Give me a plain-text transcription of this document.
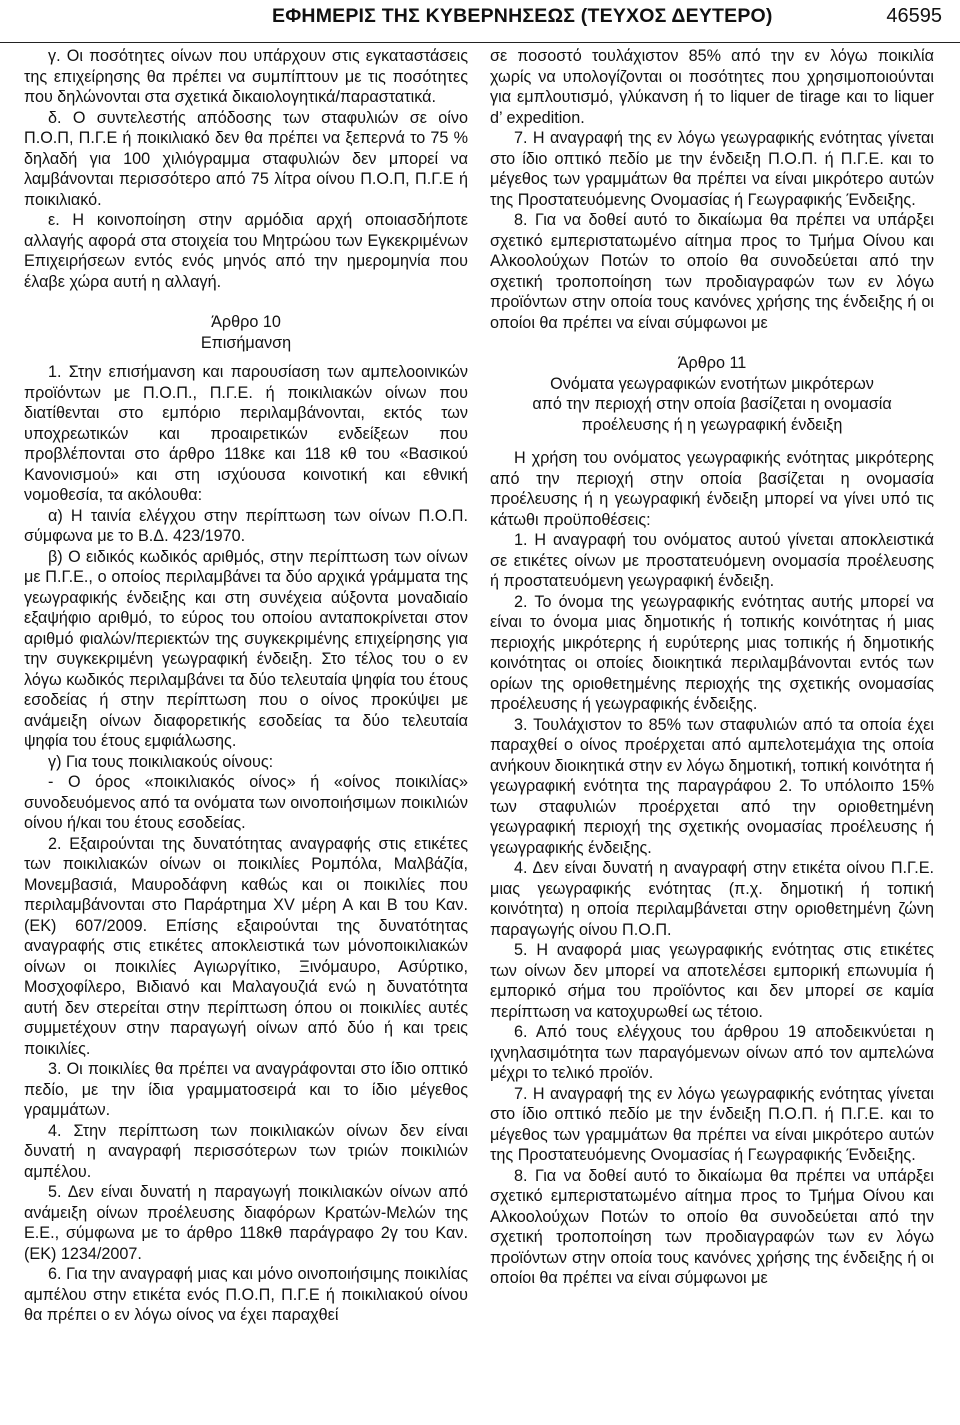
ΕΦΗΜΕΡΙΣ ΤΗΣ ΚΥΒΕΡΝΗΣΕΩΣ (ΤΕΥΧΟΣ ΔΕΥΤΕΡΟ)	46595

γ. Οι ποσότητες οίνων που υπάρχουν στις εγκαταστάσεις της επιχείρησης θα πρέπει να συμπίπτουν με τις ποσότητες που δηλώνονται στα σχετικά δικαιολογητικά/παραστατικά.

δ. Ο συντελεστής απόδοσης των σταφυλιών σε οίνο Π.Ο.Π, Π.Γ.Ε ή ποικιλιακό δεν θα πρέπει να ξεπερνά το 75 % δηλαδή για 100 χιλιόγραμμα σταφυλιών δεν μπορεί να λαμβάνονται περισσότερο από 75 λίτρα οίνου Π.Ο.Π, Π.Γ.Ε ή ποικιλιακό.

ε. Η κοινοποίηση στην αρμόδια αρχή οποιασδήποτε αλλαγής αφορά στα στοιχεία του Μητρώου των Εγκεκριμένων Επιχειρήσεων εντός ενός μηνός από την ημερομηνία που έλαβε χώρα αυτή η αλλαγή.

Άρθρο 10

Επισήμανση

1. Στην επισήμανση και παρουσίαση των αμπελοοινικών προϊόντων με Π.Ο.Π., Π.Γ.Ε. ή ποικιλιακών οίνων που διατίθενται στο εμπόριο περιλαμβάνονται, εκτός των υποχρεωτικών και προαιρετικών ενδείξεων που προβλέπονται στο άρθρο 118κε και 118 κθ του «Βασικού Κανονισμού» και στη ισχύουσα κοινοτική και εθνική νομοθεσία, τα ακόλουθα:

α) Η ταινία ελέγχου στην περίπτωση των οίνων Π.Ο.Π. σύμφωνα με το Β.Δ. 423/1970.

β) Ο ειδικός κωδικός αριθμός, στην περίπτωση των οίνων με Π.Γ.Ε., ο οποίος περιλαμβάνει τα δύο αρχικά γράμματα της γεωγραφικής ένδειξης και στη συνέχεια αύξοντα μοναδιαίο εξαψήφιο αριθμό, το εύρος του οποίου ανταποκρίνεται στον αριθμό φιαλών/περιεκτών της συγκεκριμένης επιχείρησης για την συγκεκριμένη γεωγραφική ένδειξη. Στο τέλος του ο εν λόγω κωδικός περιλαμβάνει τα δύο τελευταία ψηφία του έτους εσοδείας ή στην περίπτωση που ο οίνος προκύψει με ανάμειξη οίνων διαφορετικής εσοδείας τα δύο τελευταία ψηφία του έτους εμφιάλωσης.

γ) Για τους ποικιλιακούς οίνους:

- Ο όρος «ποικιλιακός οίνος» ή «οίνος ποικιλίας» συνοδευόμενος από τα ονόματα των οινοποιήσιμων ποικιλιών οίνου ή/και του έτους εσοδείας.

2. Εξαιρούνται της δυνατότητας αναγραφής στις ετικέτες των ποικιλιακών οίνων οι ποικιλίες Ρομπόλα, Μαλβάζία, Μονεμβασιά, Μαυροδάφνη καθώς και οι ποικιλίες που περιλαμβάνονται στο Παράρτημα XV μέρη Α και Β του Καν. (ΕΚ) 607/2009. Επίσης εξαιρούνται της δυνατότητας αναγραφής στις ετικέτες αποκλειστικά των μόνοποικιλιακών οίνων οι ποικιλίες Αγιωργίτικο, Ξινόμαυρο, Ασύρτικο, Μοσχοφίλερο, Βιδιανό και Μαλαγουζιά ενώ η δυνατότητα αυτή δεν στερείται στην περίπτωση όπου οι ποικιλίες αυτές συμμετέχουν στην παραγωγή οίνων από δύο ή και τρεις ποικιλίες.

3. Οι ποικιλίες θα πρέπει να αναγράφονται στο ίδιο οπτικό πεδίο, με την ίδια γραμματοσειρά και το ίδιο μέγεθος γραμμάτων.

4. Στην περίπτωση των ποικιλιακών οίνων δεν είναι δυνατή η αναγραφή περισσότερων των τριών ποικιλιών αμπέλου.

5. Δεν είναι δυνατή η παραγωγή ποικιλιακών οίνων από ανάμειξη οίνων προέλευσης διαφόρων Κρατών-Μελών της Ε.Ε., σύμφωνα με το άρθρο 118κθ παράγραφο 2γ του Καν.(ΕΚ) 1234/2007.

6. Για την αναγραφή μιας και μόνο οινοποιήσιμης ποικιλίας αμπέλου στην ετικέτα ενός Π.Ο.Π, Π.Γ.Ε ή ποικιλιακού οίνου θα πρέπει ο εν λόγω οίνος να έχει παραχθεί

σε ποσοστό τουλάχιστον 85% από την εν λόγω ποικιλία χωρίς να υπολογίζονται οι ποσότητες που χρησιμοποιούνται για εμπλουτισμό, γλύκανση ή το liquer de tirage και το liquer d’ expedition.

7. Η αναγραφή της εν λόγω γεωγραφικής ενότητας γίνεται στο ίδιο οπτικό πεδίο με την ένδειξη Π.Ο.Π. ή Π.Γ.Ε. και το μέγεθος των γραμμάτων θα πρέπει να είναι μικρότερο αυτών της Προστατευόμενης Ονομασίας ή Γεωγραφικής Ένδειξης.

8. Για να δοθεί αυτό το δικαίωμα θα πρέπει να υπάρξει σχετικό εμπεριστατωμένο αίτημα προς το Τμήμα Οίνου και Αλκοολούχων Ποτών το οποίο θα συνοδεύεται από την σχετική τροποποίηση των προδιαγραφών των εν λόγω προϊόντων στην οποία τους κανόνες χρήσης της ένδειξης ή οι οποίοι θα πρέπει να είναι σύμφωνοι με

Άρθρο 11

Ονόματα γεωγραφικών ενοτήτων μικρότερων

από την περιοχή στην οποία βασίζεται η ονομασία

προέλευσης ή η γεωγραφική ένδειξη

Η χρήση του ονόματος γεωγραφικής ενότητας μικρότερης από την περιοχή στην οποία βασίζεται η ονομασία προέλευσης ή η γεωγραφική ένδειξη μπορεί να γίνει υπό τις κάτωθι προϋποθέσεις:

1. Η αναγραφή του ονόματος αυτού γίνεται αποκλειστικά σε ετικέτες οίνων με προστατευόμενη ονομασία προέλευσης ή προστατευόμενη γεωγραφική ένδειξη.

2. Το όνομα της γεωγραφικής ενότητας αυτής μπορεί να είναι το όνομα μιας δημοτικής ή τοπικής κοινότητας ή μιας περιοχής μικρότερης ή ευρύτερης μιας τοπικής ή δημοτικής κοινότητας οι οποίες διοικητικά περιλαμβάνονται εντός των ορίων της οριοθετημένης περιοχής της σχετικής ονομασίας προέλευσης ή γεωγραφικής ένδειξης.

3. Τουλάχιστον το 85% των σταφυλιών από τα οποία έχει παραχθεί ο οίνος προέρχεται από αμπελοτεμάχια της οποία ανήκουν διοικητικά στην εν λόγω δημοτική, τοπική κοινότητα ή γεωγραφική ενότητα της παραγράφου 2. Το υπόλοιπο 15% των σταφυλιών προέρχεται από την οριοθετημένη γεωγραφική περιοχή της σχετικής ονομασίας προέλευσης ή γεωγραφικής ένδειξης.

4. Δεν είναι δυνατή η αναγραφή στην ετικέτα οίνου Π.Γ.Ε. μιας γεωγραφικής ενότητας (π.χ. δημοτική ή τοπική κοινότητα) η οποία περιλαμβάνεται στην οριοθετημένη ζώνη παραγωγής οίνου Π.Ο.Π.

5. Η αναφορά μιας γεωγραφικής ενότητας στις ετικέτες των οίνων δεν μπορεί να αποτελέσει εμπορική επωνυμία ή εμπορικό σήμα του προϊόντος και δεν μπορεί σε καμία περίπτωση να κατοχυρωθεί ως τέτοιο.

6. Από τους ελέγχους του άρθρου 19 αποδεικνύεται η ιχνηλασιμότητα των παραγόμενων οίνων από τον αμπελώνα μέχρι το τελικό προϊόν.

7. Η αναγραφή της εν λόγω γεωγραφικής ενότητας γίνεται στο ίδιο οπτικό πεδίο με την ένδειξη Π.Ο.Π. ή Π.Γ.Ε. και το μέγεθος των γραμμάτων θα πρέπει να είναι μικρότερο αυτών της Προστατευόμενης Ονομασίας ή Γεωγραφικής Ένδειξης.

8. Για να δοθεί αυτό το δικαίωμα θα πρέπει να υπάρξει σχετικό εμπεριστατωμένο αίτημα προς το Τμήμα Οίνου και Αλκοολούχων Ποτών το οποίο θα συνοδεύεται από την σχετική τροποποίηση των προδιαγραφών των εν λόγω προϊόντων στην οποία τους κανόνες χρήσης της ένδειξης ή οι οποίοι θα πρέπει να είναι σύμφωνοι με
